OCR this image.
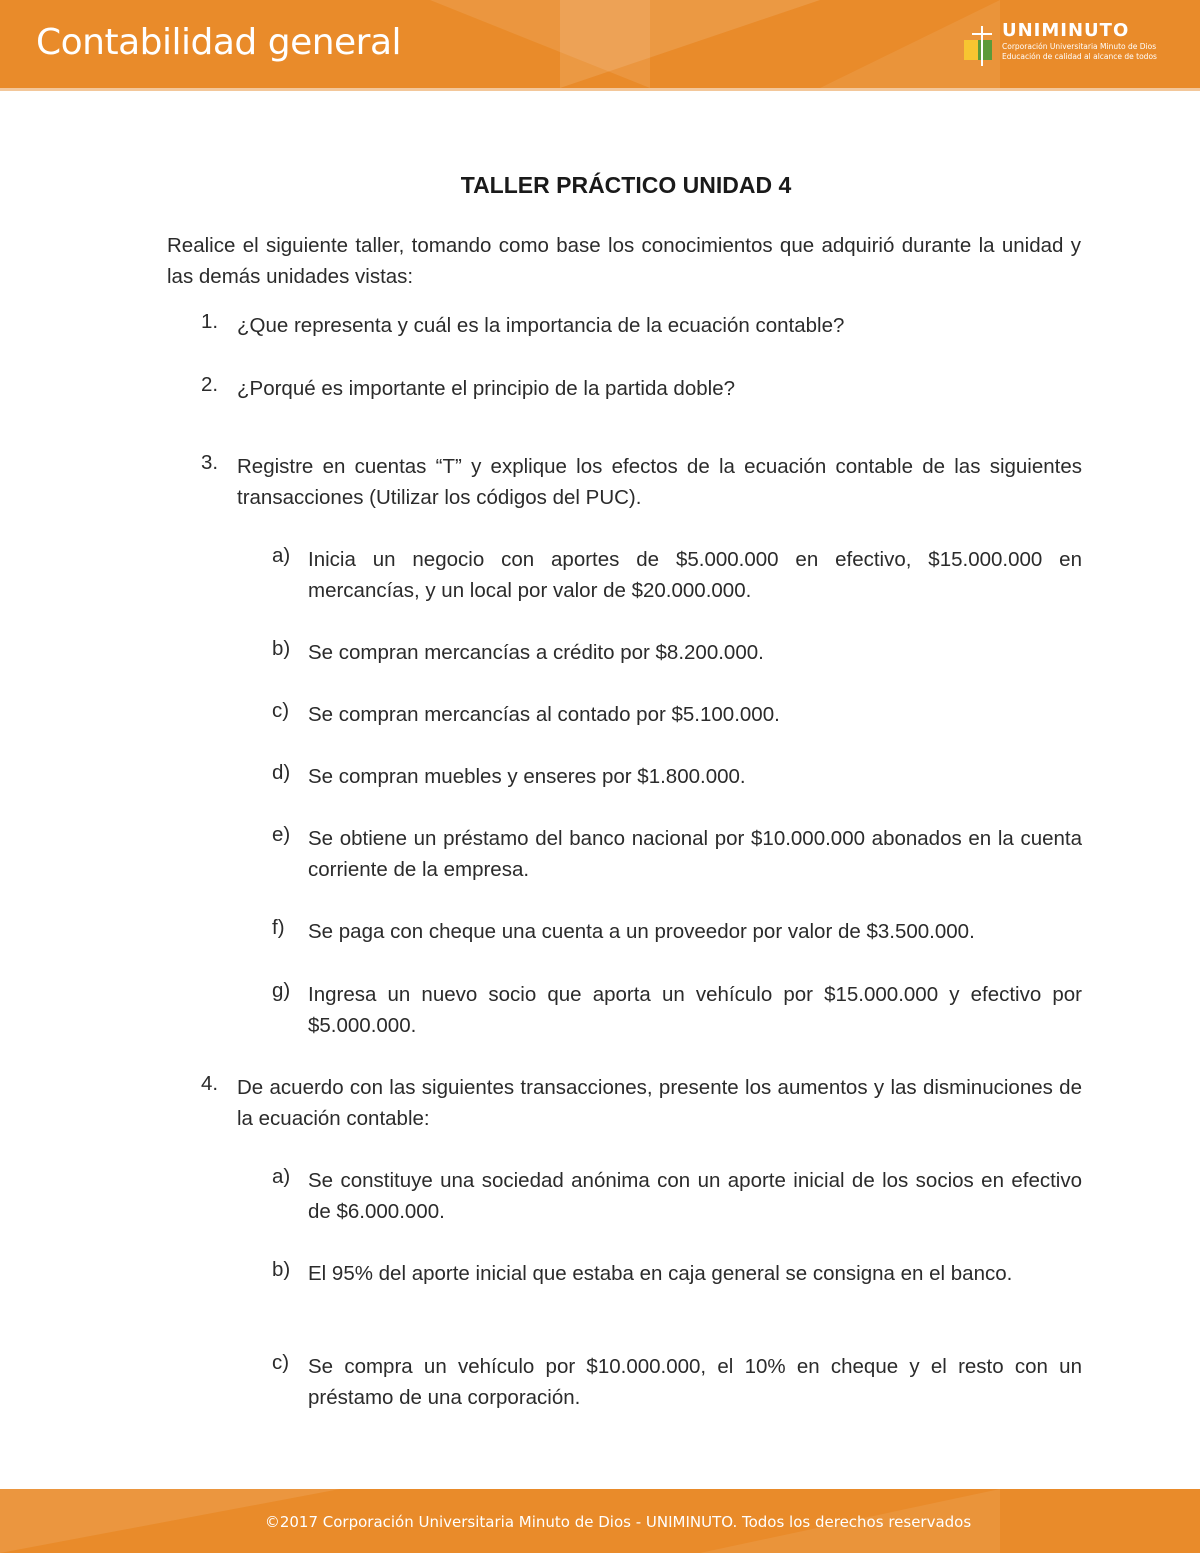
Contabilidad general	UNIMINUTO
Corporación Universitaria Minuto de Dios
Educación de calidad al alcance de todos
TALLER PRÁCTICO UNIDAD 4
Realice el siguiente taller, tomando como base los conocimientos que adquirió durante la unidad y las demás unidades vistas:
1. ¿Que representa y cuál es la importancia de la ecuación contable?
2. ¿Porqué es importante el principio de la partida doble?
3. Registre en cuentas “T” y explique los efectos de la ecuación contable de las siguientes transacciones (Utilizar los códigos del PUC).
a) Inicia un negocio con aportes de $5.000.000 en efectivo, $15.000.000 en mercancías, y un local por valor de $20.000.000.
b) Se compran mercancías a crédito por $8.200.000.
c) Se compran mercancías al contado por $5.100.000.
d) Se compran muebles y enseres por $1.800.000.
e) Se obtiene un préstamo del banco nacional por $10.000.000 abonados en la cuenta corriente de la empresa.
f) Se paga con cheque una cuenta a un proveedor por valor de $3.500.000.
g) Ingresa un nuevo socio que aporta un vehículo por $15.000.000 y efectivo por $5.000.000.
4. De acuerdo con las siguientes transacciones, presente los aumentos y las disminuciones de la ecuación contable:
a) Se constituye una sociedad anónima con un aporte inicial de los socios en efectivo de $6.000.000.
b) El 95% del aporte inicial que estaba en caja general se consigna en el banco.
c) Se compra un vehículo por $10.000.000, el 10% en cheque y el resto con un préstamo de una corporación.
©2017 Corporación Universitaria Minuto de Dios - UNIMINUTO. Todos los derechos reservados
